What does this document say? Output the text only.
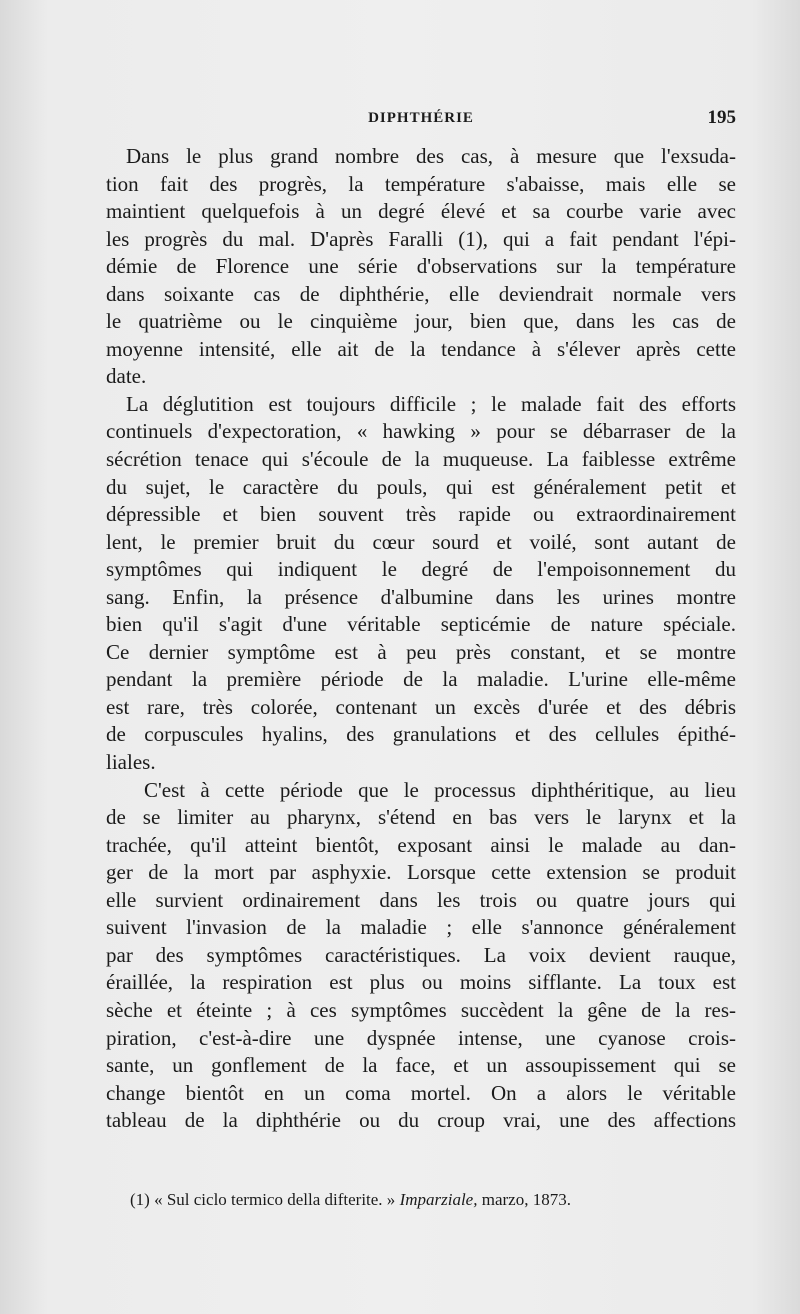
DIPHTHÉRIE	195
Dans le plus grand nombre des cas, à mesure que l'exsuda-
tion fait des progrès, la température s'abaisse, mais elle se
maintient quelquefois à un degré élevé et sa courbe varie avec
les progrès du mal. D'après Faralli (1), qui a fait pendant l'épi-
démie de Florence une série d'observations sur la température
dans soixante cas de diphthérie, elle deviendrait normale vers
le quatrième ou le cinquième jour, bien que, dans les cas de
moyenne intensité, elle ait de la tendance à s'élever après cette
date.
La déglutition est toujours difficile ; le malade fait des efforts
continuels d'expectoration, « hawking » pour se débarraser de la
sécrétion tenace qui s'écoule de la muqueuse. La faiblesse extrême
du sujet, le caractère du pouls, qui est généralement petit et
dépressible et bien souvent très rapide ou extraordinairement
lent, le premier bruit du cœur sourd et voilé, sont autant de
symptômes qui indiquent le degré de l'empoisonnement du
sang. Enfin, la présence d'albumine dans les urines montre
bien qu'il s'agit d'une véritable septicémie de nature spéciale.
Ce dernier symptôme est à peu près constant, et se montre
pendant la première période de la maladie. L'urine elle-même
est rare, très colorée, contenant un excès d'urée et des débris
de corpuscules hyalins, des granulations et des cellules épithé-
liales.
C'est à cette période que le processus diphthéritique, au lieu
de se limiter au pharynx, s'étend en bas vers le larynx et la
trachée, qu'il atteint bientôt, exposant ainsi le malade au dan-
ger de la mort par asphyxie. Lorsque cette extension se produit
elle survient ordinairement dans les trois ou quatre jours qui
suivent l'invasion de la maladie ; elle s'annonce généralement
par des symptômes caractéristiques. La voix devient rauque,
éraillée, la respiration est plus ou moins sifflante. La toux est
sèche et éteinte ; à ces symptômes succèdent la gêne de la res-
piration, c'est-à-dire une dyspnée intense, une cyanose crois-
sante, un gonflement de la face, et un assoupissement qui se
change bientôt en un coma mortel. On a alors le véritable
tableau de la diphthérie ou du croup vrai, une des affections
(1) « Sul ciclo termico della difterite. » Imparziale, marzo, 1873.
